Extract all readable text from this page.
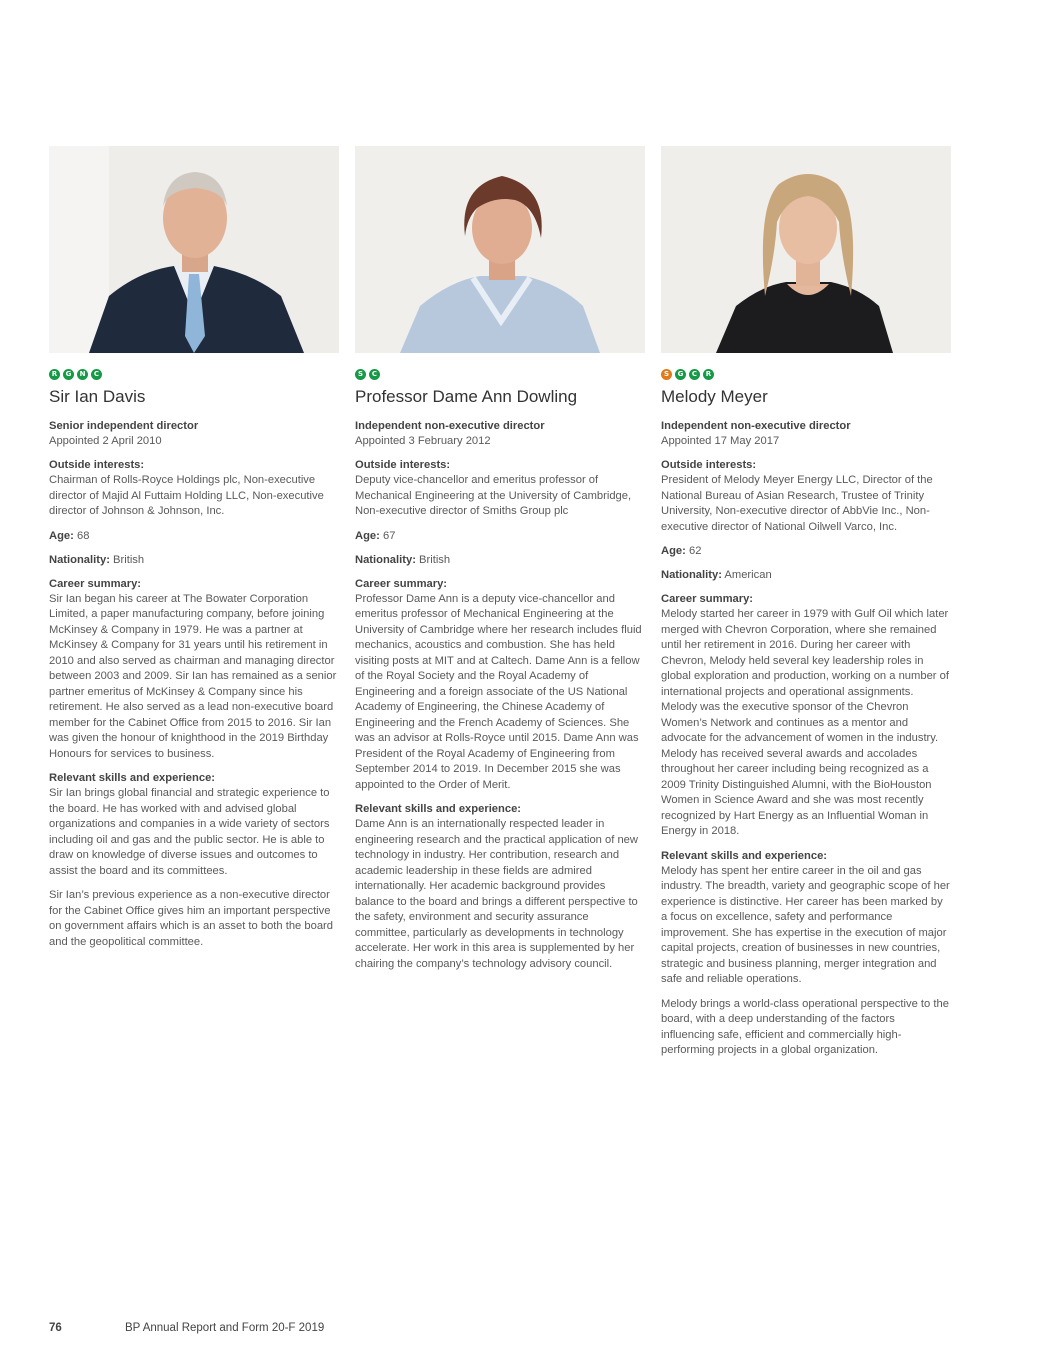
R	G	N	C
Sir Ian Davis
Senior independent director
Appointed 2 April 2010
Outside interests:

Chairman of Rolls-Royce Holdings plc, Non-executive director of Majid Al Futtaim Holding LLC, Non-executive director of Johnson & Johnson, Inc.

Age: 68
Nationality: British
Career summary:

Sir Ian began his career at The Bowater Corporation Limited, a paper manufacturing company, before joining McKinsey & Company in 1979. He was a partner at McKinsey & Company for 31 years until his retirement in 2010 and also served as chairman and managing director between 2003 and 2009. Sir Ian has remained as a senior partner emeritus of McKinsey & Company since his retirement. He also served as a lead non-executive board member for the Cabinet Office from 2015 to 2016. Sir Ian was given the honour of knighthood in the 2019 Birthday Honours for services to business.

Relevant skills and experience:

Sir Ian brings global financial and strategic experience to the board. He has worked with and advised global organizations and companies in a wide variety of sectors including oil and gas and the public sector. He is able to draw on knowledge of diverse issues and outcomes to assist the board and its committees.

Sir Ian’s previous experience as a non-executive director for the Cabinet Office gives him an important perspective on government affairs which is an asset to both the board and the geopolitical committee.

S	C
Professor Dame Ann Dowling
Independent non-executive director
Appointed 3 February 2012
Outside interests:

Deputy vice-chancellor and emeritus professor of Mechanical Engineering at the University of Cambridge, Non-executive director of Smiths Group plc

Age: 67
Nationality: British
Career summary:

Professor Dame Ann is a deputy vice-chancellor and emeritus professor of Mechanical Engineering at the University of Cambridge where her research includes fluid mechanics, acoustics and combustion. She has held visiting posts at MIT and at Caltech. Dame Ann is a fellow of the Royal Society and the Royal Academy of Engineering and a foreign associate of the US National Academy of Engineering, the Chinese Academy of Engineering and the French Academy of Sciences. She was an advisor at Rolls-Royce until 2015. Dame Ann was President of the Royal Academy of Engineering from September 2014 to 2019. In December 2015 she was appointed to the Order of Merit.

Relevant skills and experience:

Dame Ann is an internationally respected leader in engineering research and the practical application of new technology in industry. Her contribution, research and academic leadership in these fields are admired internationally. Her academic background provides balance to the board and brings a different perspective to the safety, environment and security assurance committee, particularly as developments in technology accelerate. Her work in this area is supplemented by her chairing the company’s technology advisory council.

S	G	C	R
Melody Meyer
Independent non-executive director
Appointed 17 May 2017
Outside interests:

President of Melody Meyer Energy LLC, Director of the National Bureau of Asian Research, Trustee of Trinity University, Non-executive director of AbbVie Inc., Non-executive director of National Oilwell Varco, Inc.

Age: 62
Nationality: American
Career summary:

Melody started her career in 1979 with Gulf Oil which later merged with Chevron Corporation, where she remained until her retirement in 2016. During her career with Chevron, Melody held several key leadership roles in global exploration and production, working on a number of international projects and operational assignments. Melody was the executive sponsor of the Chevron Women’s Network and continues as a mentor and advocate for the advancement of women in the industry. Melody has received several awards and accolades throughout her career including being recognized as a 2009 Trinity Distinguished Alumni, with the BioHouston Women in Science Award and she was most recently recognized by Hart Energy as an Influential Woman in Energy in 2018.

Relevant skills and experience:

Melody has spent her entire career in the oil and gas industry. The breadth, variety and geographic scope of her experience is distinctive. Her career has been marked by a focus on excellence, safety and performance improvement. She has expertise in the execution of major capital projects, creation of businesses in new countries, strategic and business planning, merger integration and safe and reliable operations.

Melody brings a world-class operational perspective to the board, with a deep understanding of the factors influencing safe, efficient and commercially high-performing projects in a global organization.

76	BP Annual Report and Form 20-F 2019
